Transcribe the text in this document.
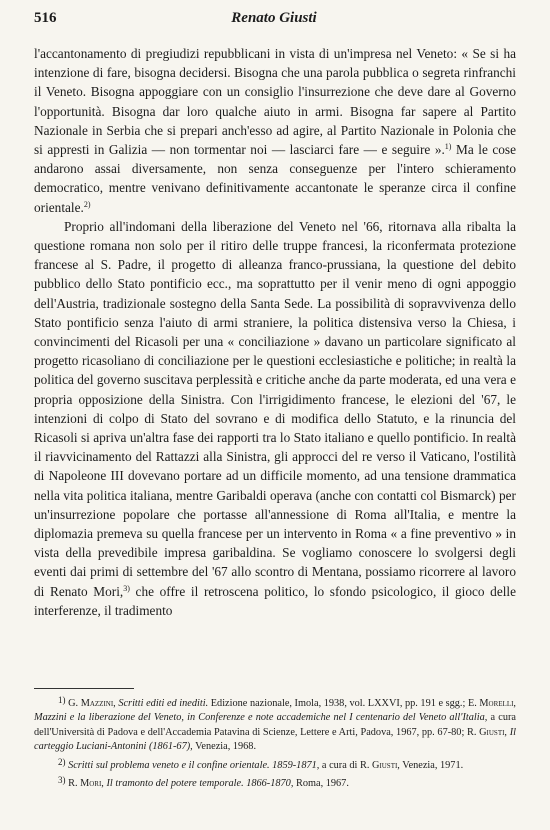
516	Renato Giusti

l'accantonamento di pregiudizi repubblicani in vista di un'impresa nel Veneto: « Se si ha intenzione di fare, bisogna decidersi. Bisogna che una parola pubblica o segreta rinfranchi il Veneto. Bisogna appoggiare con un consiglio l'insurrezione che deve dare al Governo l'opportunità. Bisogna dar loro qualche aiuto in armi. Bisogna far sapere al Partito Nazionale in Serbia che si prepari anch'esso ad agire, al Partito Nazionale in Polonia che si appresti in Galizia — non tormentar noi — lasciarci fare — e seguire ».$^{1)}$ Ma le cose andarono assai diversamente, non senza conseguenze per l'intero schieramento democratico, mentre venivano definitivamente accantonate le speranze circa il confine orientale.$^{2)}$

Proprio all'indomani della liberazione del Veneto nel '66, ritornava alla ribalta la questione romana non solo per il ritiro delle truppe francesi, la riconfermata protezione francese al S. Padre, il progetto di alleanza franco-prussiana, la questione del debito pubblico dello Stato pontificio ecc., ma soprattutto per il venir meno di ogni appoggio dell'Austria, tradizionale sostegno della Santa Sede. La possibilità di sopravvivenza dello Stato pontificio senza l'aiuto di armi straniere, la politica distensiva verso la Chiesa, i convincimenti del Ricasoli per una « conciliazione » davano un particolare significato al progetto ricasoliano di conciliazione per le questioni ecclesiastiche e politiche; in realtà la politica del governo suscitava perplessità e critiche anche da parte moderata, ed una vera e propria opposizione della Sinistra. Con l'irrigidimento francese, le elezioni del '67, le intenzioni di colpo di Stato del sovrano e di modifica dello Statuto, e la rinuncia del Ricasoli si apriva un'altra fase dei rapporti tra lo Stato italiano e quello pontificio. In realtà il riavvicinamento del Rattazzi alla Sinistra, gli approcci del re verso il Vaticano, l'ostilità di Napoleone III dovevano portare ad un difficile momento, ad una tensione drammatica nella vita politica italiana, mentre Garibaldi operava (anche con contatti col Bismarck) per un'insurrezione popolare che portasse all'annessione di Roma all'Italia, e mentre la diplomazia premeva su quella francese per un intervento in Roma « a fine preventivo » in vista della prevedibile impresa garibaldina. Se vogliamo conoscere lo svolgersi degli eventi dai primi di settembre del '67 allo scontro di Mentana, possiamo ricorrere al lavoro di Renato Mori,$^{3)}$ che offre il retroscena politico, lo sfondo psicologico, il gioco delle interferenze, il tradimento

1) G. Mazzini, Scritti editi ed inediti. Edizione nazionale, Imola, 1938, vol. LXXVI, pp. 191 e sgg.; E. Morelli, Mazzini e la liberazione del Veneto, in Conferenze e note accademiche nel I centenario del Veneto all'Italia, a cura dell'Università di Padova e dell'Accademia Patavina di Scienze, Lettere e Arti, Padova, 1967, pp. 67-80; R. Giusti, Il carteggio Luciani-Antonini (1861-67), Venezia, 1968.

2) Scritti sul problema veneto e il confine orientale. 1859-1871, a cura di R. Giusti, Venezia, 1971.

3) R. Mori, Il tramonto del potere temporale. 1866-1870, Roma, 1967.
